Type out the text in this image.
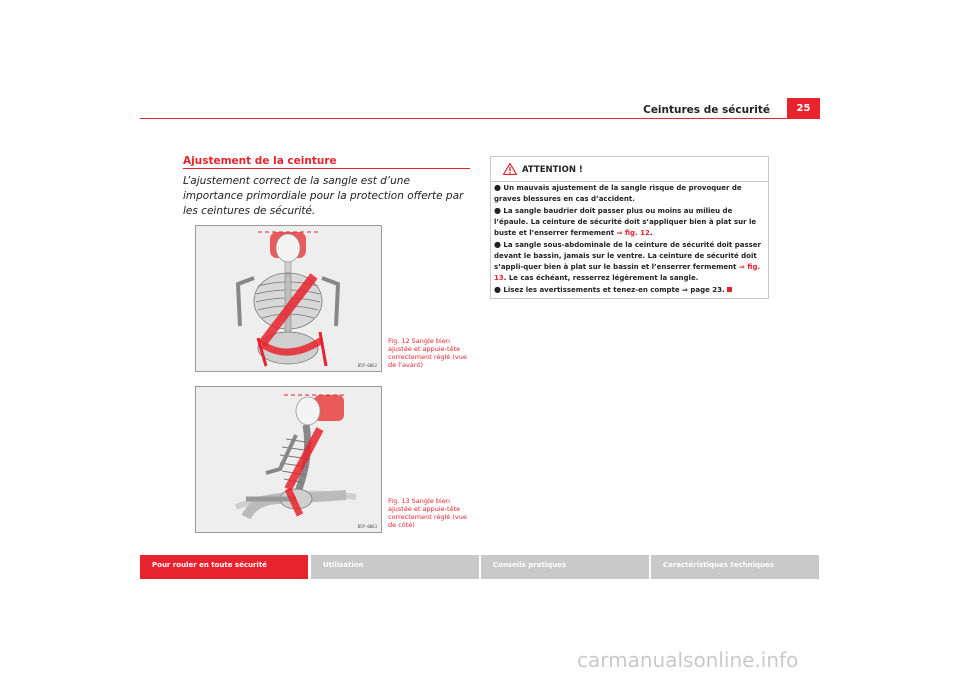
Ceintures de sécurité	25
Ajustement de la ceinture
L’ajustement correct de la sangle est d’une importance primordiale pour la protection offerte par les ceintures de sécurité.
B5P-0062
Fig. 12 Sangle bien ajustée et appuie-tête correctement réglé (vue de l’avant)
B5P-0063
Fig. 13 Sangle bien ajustée et appuie-tête correctement réglé (vue de côté)
ATTENTION !

● Un mauvais ajustement de la sangle risque de provoquer de graves blessures en cas d’accident.

● La sangle baudrier doit passer plus ou moins au milieu de l’épaule. La ceinture de sécurité doit s’appliquer bien à plat sur le buste et l’enserrer fermement ⇒ fig. 12.

● La sangle sous-abdominale de la ceinture de sécurité doit passer devant le bassin, jamais sur le ventre. La ceinture de sécurité doit s’appli-quer bien à plat sur le bassin et l’enserrer fermement ⇒ fig. 13. Le cas échéant, resserrez légèrement la sangle.

● Lisez les avertissements et tenez-en compte ⇒ page 23.

Pour rouler en toute sécurité	Utilisation	Conseils pratiques	Caractéristiques techniques
carmanualsonline.info
